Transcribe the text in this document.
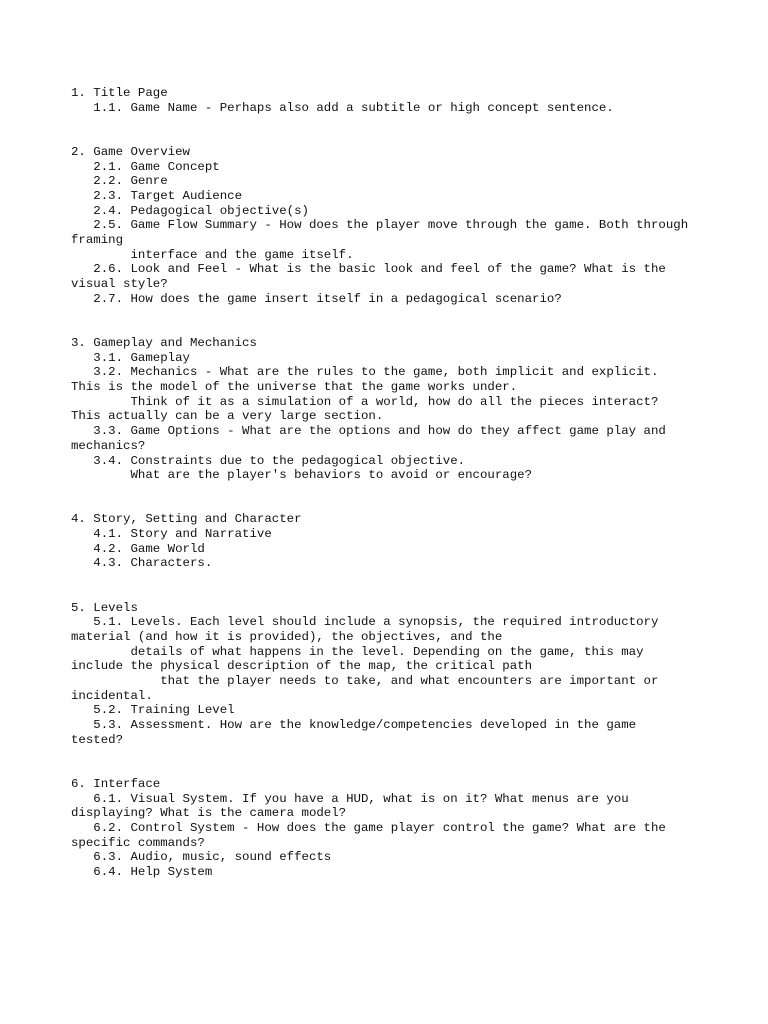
1. Title Page
1.1. Game Name - Perhaps also add a subtitle or high concept sentence.
2. Game Overview
2.1. Game Concept
2.2. Genre
2.3. Target Audience
2.4. Pedagogical objective(s)
2.5. Game Flow Summary - How does the player move through the game. Both through
framing
interface and the game itself.
2.6. Look and Feel - What is the basic look and feel of the game? What is the
visual style?
2.7. How does the game insert itself in a pedagogical scenario?
3. Gameplay and Mechanics
3.1. Gameplay
3.2. Mechanics - What are the rules to the game, both implicit and explicit.
This is the model of the universe that the game works under.
Think of it as a simulation of a world, how do all the pieces interact?
This actually can be a very large section.
3.3. Game Options - What are the options and how do they affect game play and
mechanics?
3.4. Constraints due to the pedagogical objective.
What are the player's behaviors to avoid or encourage?
4. Story, Setting and Character
4.1. Story and Narrative
4.2. Game World
4.3. Characters.
5. Levels
5.1. Levels. Each level should include a synopsis, the required introductory
material (and how it is provided), the objectives, and the
details of what happens in the level. Depending on the game, this may
include the physical description of the map, the critical path
that the player needs to take, and what encounters are important or
incidental.
5.2. Training Level
5.3. Assessment. How are the knowledge/competencies developed in the game
tested?
6. Interface
6.1. Visual System. If you have a HUD, what is on it? What menus are you
displaying? What is the camera model?
6.2. Control System - How does the game player control the game? What are the
specific commands?
6.3. Audio, music, sound effects
6.4. Help System
